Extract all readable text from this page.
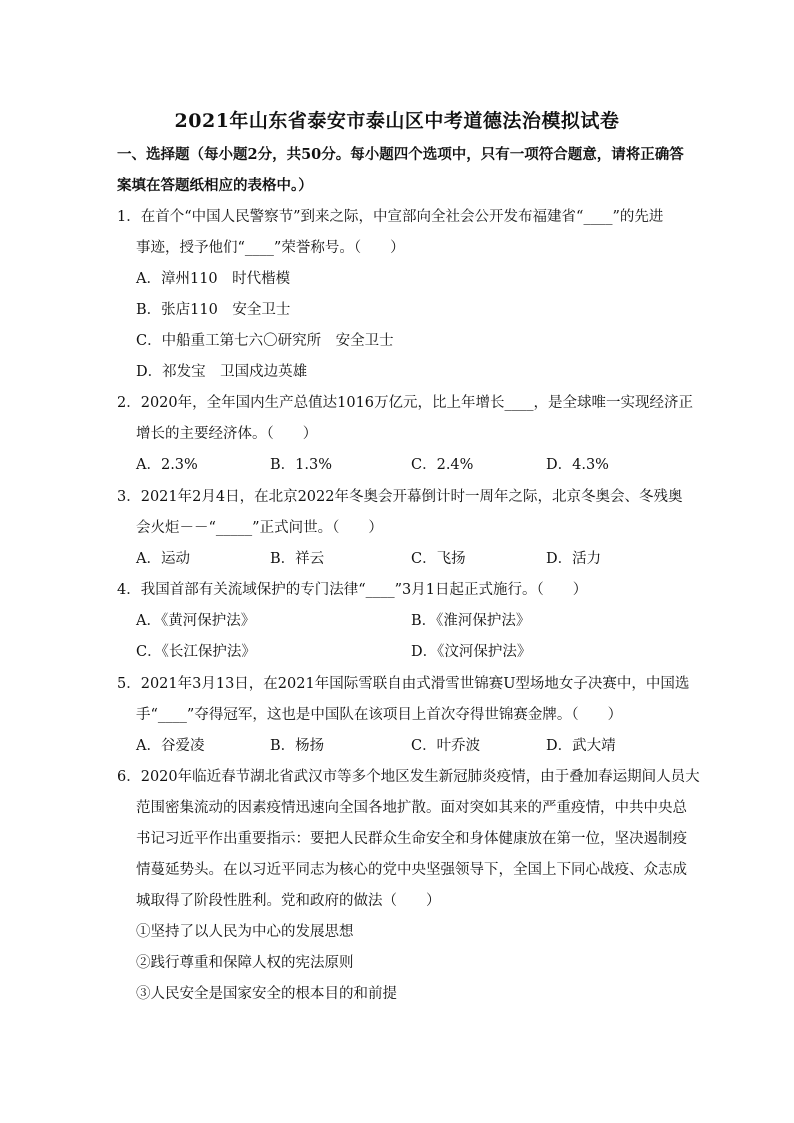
2021年山东省泰安市泰山区中考道德法治模拟试卷
一、选择题（每小题2分，共50分。每小题四个选项中，只有一项符合题意，请将正确答
案填在答题纸相应的表格中。）
1．在首个“中国人民警察节”到来之际，中宣部向全社会公开发布福建省“____”的先进
事迹，授予他们“____”荣誉称号。（　　）
A．漳州110　时代楷模
B．张店110　安全卫士
C．中船重工第七六〇研究所　安全卫士
D．祁发宝　卫国戍边英雄
2．2020年，全年国内生产总值达1016万亿元，比上年增长____，是全球唯一实现经济正
增长的主要经济体。（　　）
A．2.3%	B．1.3%	C．2.4%	D．4.3%
3．2021年2月4日，在北京2022年冬奥会开幕倒计时一周年之际，北京冬奥会、冬残奥
会火炬－－“_____”正式问世。（　　）
A．运动	B．祥云	C．飞扬	D．活力
4．我国首部有关流域保护的专门法律“____”3月1日起正式施行。（　　）
A．《黄河保护法》	B．《淮河保护法》
C．《长江保护法》	D．《汶河保护法》
5．2021年3月13日，在2021年国际雪联自由式滑雪世锦赛U型场地女子决赛中，中国选
手“____”夺得冠军，这也是中国队在该项目上首次夺得世锦赛金牌。（　　）
A．谷爱凌	B．杨扬	C．叶乔波	D．武大靖
6．2020年临近春节湖北省武汉市等多个地区发生新冠肺炎疫情，由于叠加春运期间人员大
范围密集流动的因素疫情迅速向全国各地扩散。面对突如其来的严重疫情，中共中央总
书记习近平作出重要指示：要把人民群众生命安全和身体健康放在第一位，坚决遏制疫
情蔓延势头。在以习近平同志为核心的党中央坚强领导下，全国上下同心战疫、众志成
城取得了阶段性胜利。党和政府的做法（　　）
①坚持了以人民为中心的发展思想
②践行尊重和保障人权的宪法原则
③人民安全是国家安全的根本目的和前提
